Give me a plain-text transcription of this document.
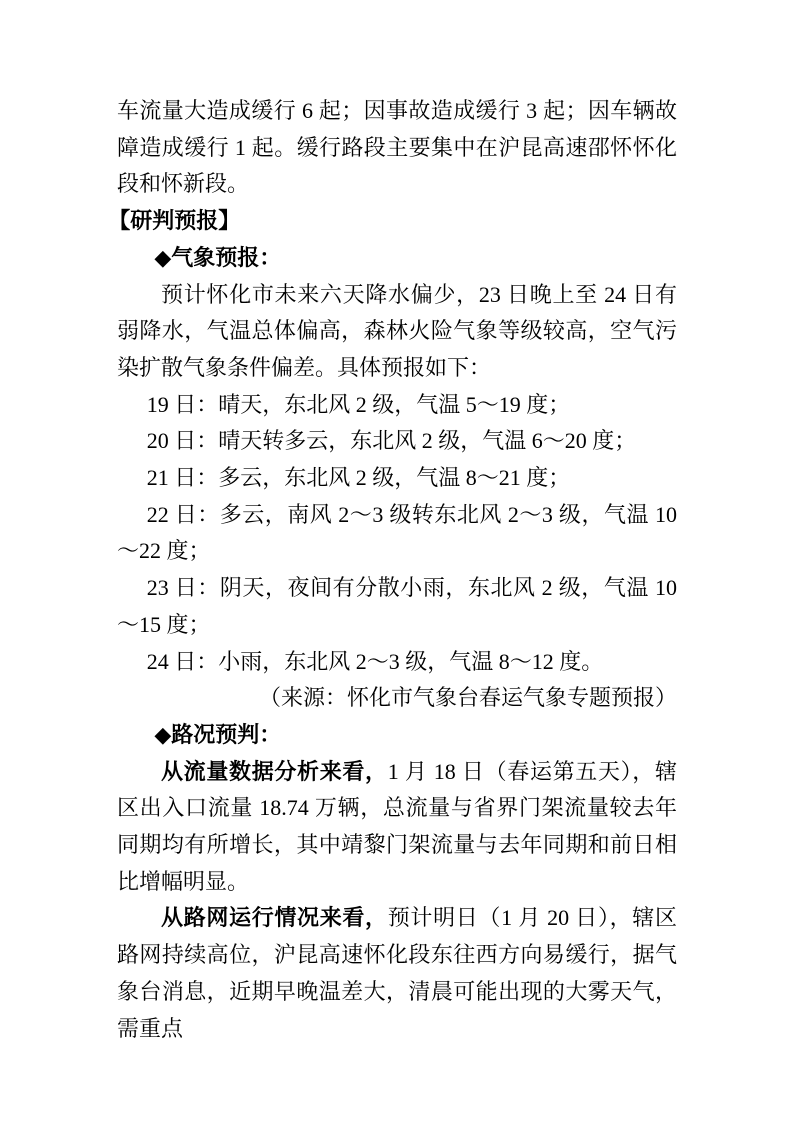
车流量大造成缓行 6 起；因事故造成缓行 3 起；因车辆故障造成缓行 1 起。缓行路段主要集中在沪昆高速邵怀怀化段和怀新段。

【研判预报】

◆气象预报：

预计怀化市未来六天降水偏少，23 日晚上至 24 日有弱降水，气温总体偏高，森林火险气象等级较高，空气污染扩散气象条件偏差。具体预报如下：

19 日：晴天，东北风 2 级，气温 5～19 度；

20 日：晴天转多云，东北风 2 级，气温 6～20 度；

21 日：多云，东北风 2 级，气温 8～21 度；

22 日：多云，南风 2～3 级转东北风 2～3 级，气温 10～22 度；

23 日：阴天，夜间有分散小雨，东北风 2 级，气温 10～15 度；

24 日：小雨，东北风 2～3 级，气温 8～12 度。

（来源：怀化市气象台春运气象专题预报）

◆路况预判：

从流量数据分析来看，1 月 18 日（春运第五天），辖区出入口流量 18.74 万辆，总流量与省界门架流量较去年同期均有所增长，其中靖黎门架流量与去年同期和前日相比增幅明显。

从路网运行情况来看，预计明日（1 月 20 日），辖区路网持续高位，沪昆高速怀化段东往西方向易缓行，据气象台消息，近期早晚温差大，清晨可能出现的大雾天气，需重点
